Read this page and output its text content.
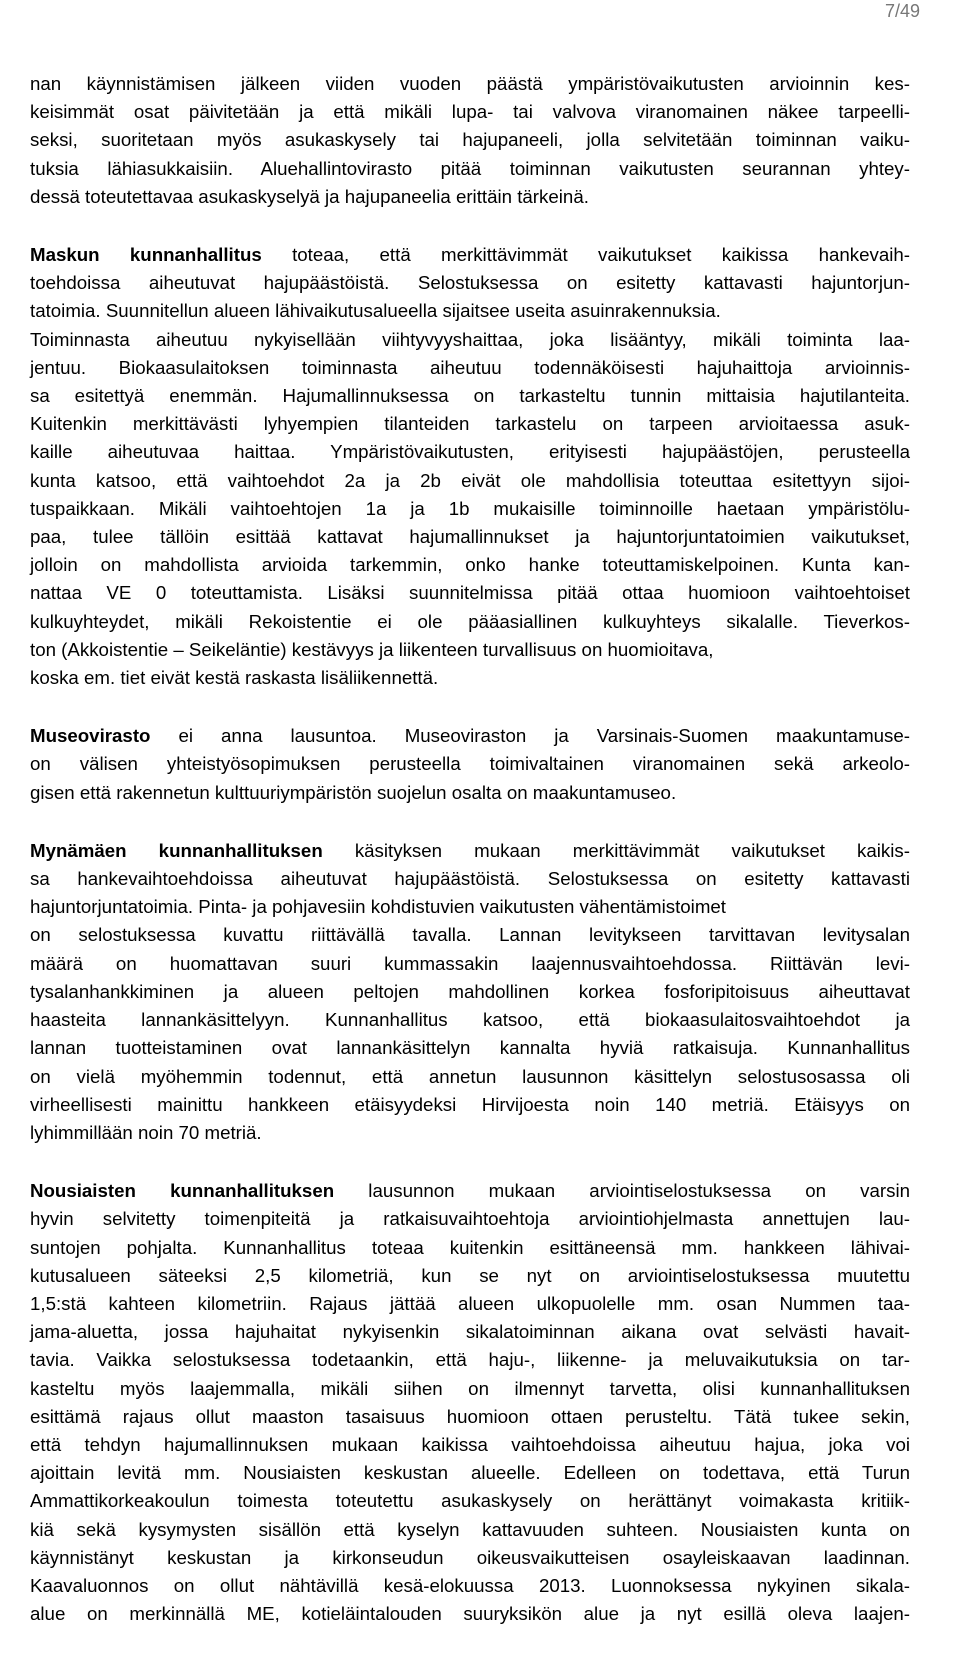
7/49
nan käynnistämisen jälkeen viiden vuoden päästä ympäristövaikutusten arvioinnin kes-
keisimmät osat päivitetään ja että mikäli lupa- tai valvova viranomainen näkee tarpeelli-
seksi, suoritetaan myös asukaskysely tai hajupaneeli, jolla selvitetään toiminnan vaiku-
tuksia lähiasukkaisiin. Aluehallintovirasto pitää toiminnan vaikutusten seurannan yhtey-
dessä toteutettavaa asukaskyselyä ja hajupaneelia erittäin tärkeinä.
Maskun kunnanhallitus toteaa, että merkittävimmät vaikutukset kaikissa hankevaih-
toehdoissa aiheutuvat hajupäästöistä. Selostuksessa on esitetty kattavasti hajuntorjun-
tatoimia. Suunnitellun alueen lähivaikutusalueella sijaitsee useita asuinrakennuksia.
Toiminnasta aiheutuu nykyisellään viihtyvyyshaittaa, joka lisääntyy, mikäli toiminta laa-
jentuu. Biokaasulaitoksen toiminnasta aiheutuu todennäköisesti hajuhaittoja arvioinnis-
sa esitettyä enemmän. Hajumallinnuksessa on tarkasteltu tunnin mittaisia hajutilanteita.
Kuitenkin merkittävästi lyhyempien tilanteiden tarkastelu on tarpeen arvioitaessa asuk-
kaille aiheutuvaa haittaa. Ympäristövaikutusten, erityisesti hajupäästöjen, perusteella
kunta katsoo, että vaihtoehdot 2a ja 2b eivät ole mahdollisia toteuttaa esitettyyn sijoi-
tuspaikkaan. Mikäli vaihtoehtojen 1a ja 1b mukaisille toiminnoille haetaan ympäristölu-
paa, tulee tällöin esittää kattavat hajumallinnukset ja hajuntorjuntatoimien vaikutukset,
jolloin on mahdollista arvioida tarkemmin, onko hanke toteuttamiskelpoinen. Kunta kan-
nattaa VE 0 toteuttamista. Lisäksi suunnitelmissa pitää ottaa huomioon vaihtoehtoiset
kulkuyhteydet, mikäli Rekoistentie ei ole pääasiallinen kulkuyhteys sikalalle. Tieverkos-
ton (Akkoistentie – Seikeläntie) kestävyys ja liikenteen turvallisuus on huomioitava,
koska em. tiet eivät kestä raskasta lisäliikennettä.
Museovirasto ei anna lausuntoa. Museoviraston ja Varsinais-Suomen maakuntamuse-
on välisen yhteistyösopimuksen perusteella toimivaltainen viranomainen sekä arkeolo-
gisen että rakennetun kulttuuriympäristön suojelun osalta on maakuntamuseo.
Mynämäen kunnanhallituksen käsityksen mukaan merkittävimmät vaikutukset kaikis-
sa hankevaihtoehdoissa aiheutuvat hajupäästöistä. Selostuksessa on esitetty kattavasti
hajuntorjuntatoimia. Pinta- ja pohjavesiin kohdistuvien vaikutusten vähentämistoimet
on selostuksessa kuvattu riittävällä tavalla. Lannan levitykseen tarvittavan levitysalan
määrä on huomattavan suuri kummassakin laajennusvaihtoehdossa. Riittävän levi-
tysalanhankkiminen ja alueen peltojen mahdollinen korkea fosforipitoisuus aiheuttavat
haasteita lannankäsittelyyn. Kunnanhallitus katsoo, että biokaasulaitosvaihtoehdot ja
lannan tuotteistaminen ovat lannankäsittelyn kannalta hyviä ratkaisuja. Kunnanhallitus
on vielä myöhemmin todennut, että annetun lausunnon käsittelyn selostusosassa oli
virheellisesti mainittu hankkeen etäisyydeksi Hirvijoesta noin 140 metriä. Etäisyys on
lyhimmillään noin 70 metriä.
Nousiaisten kunnanhallituksen lausunnon mukaan arviointiselostuksessa on varsin
hyvin selvitetty toimenpiteitä ja ratkaisuvaihtoehtoja arviointiohjelmasta annettujen lau-
suntojen pohjalta. Kunnanhallitus toteaa kuitenkin esittäneensä mm. hankkeen lähivai-
kutusalueen säteeksi 2,5 kilometriä, kun se nyt on arviointiselostuksessa muutettu
1,5:stä kahteen kilometriin. Rajaus jättää alueen ulkopuolelle mm. osan Nummen taa-
jama-aluetta, jossa hajuhaitat nykyisenkin sikalatoiminnan aikana ovat selvästi havait-
tavia. Vaikka selostuksessa todetaankin, että haju-, liikenne- ja meluvaikutuksia on tar-
kasteltu myös laajemmalla, mikäli siihen on ilmennyt tarvetta, olisi kunnanhallituksen
esittämä rajaus ollut maaston tasaisuus huomioon ottaen perusteltu. Tätä tukee sekin,
että tehdyn hajumallinnuksen mukaan kaikissa vaihtoehdoissa aiheutuu hajua, joka voi
ajoittain levitä mm. Nousiaisten keskustan alueelle. Edelleen on todettava, että Turun
Ammattikorkeakoulun toimesta toteutettu asukaskysely on herättänyt voimakasta kritiik-
kiä sekä kysymysten sisällön että kyselyn kattavuuden suhteen. Nousiaisten kunta on
käynnistänyt keskustan ja kirkonseudun oikeusvaikutteisen osayleiskaavan laadinnan.
Kaavaluonnos on ollut nähtävillä kesä-elokuussa 2013. Luonnoksessa nykyinen sikala-
alue on merkinnällä ME, kotieläintalouden suuryksikön alue ja nyt esillä oleva laajen-
